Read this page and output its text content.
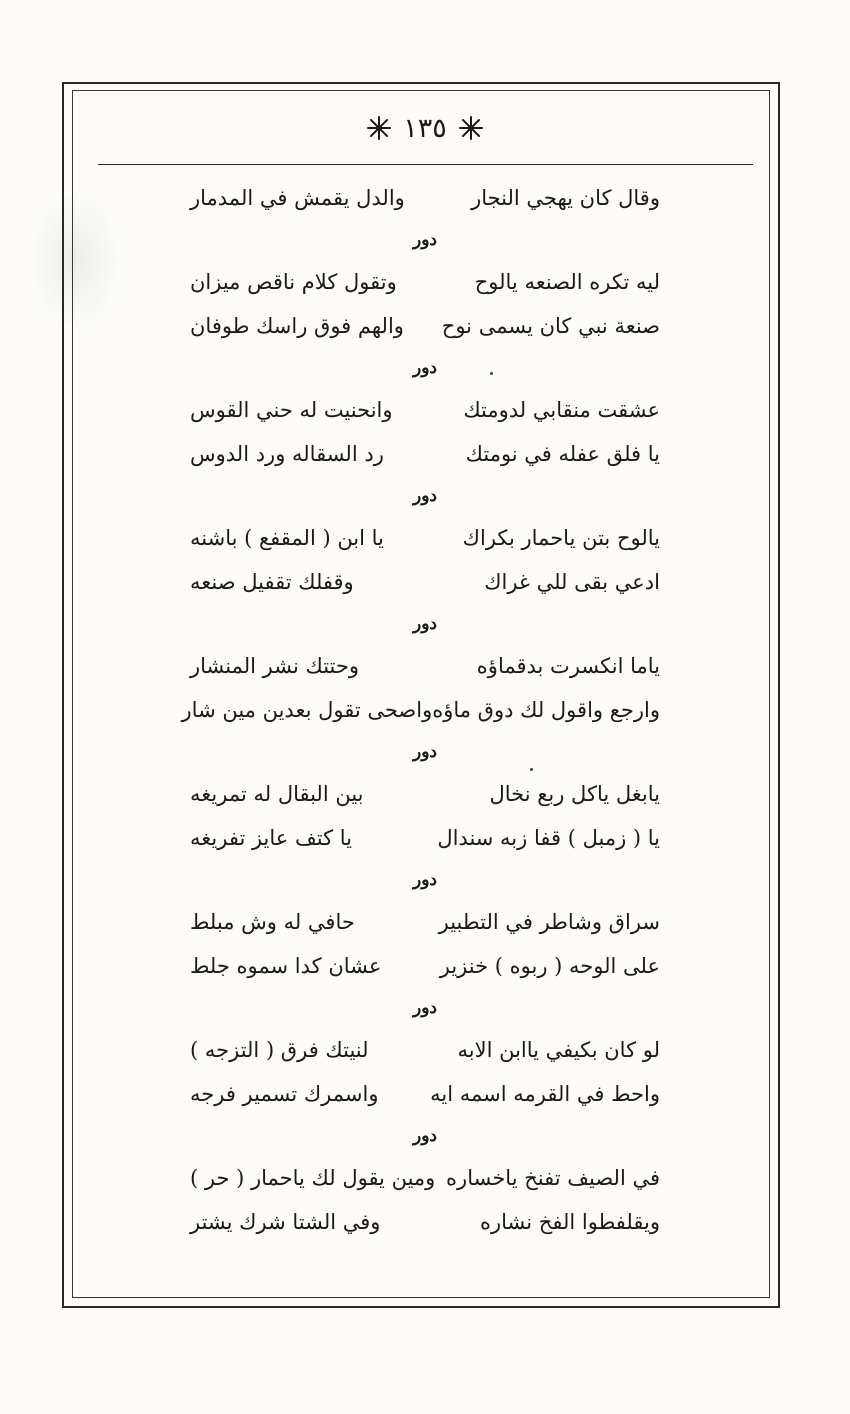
١٣٥
وقال كان يهجي النجار
والدل يقمش في المدمار
دور
ليه تكره الصنعه يالوح
وتقول كلام ناقص ميزان
صنعة نبي كان يسمى نوح
والهم فوق راسك طوفان
دور
عشقت منقابي لدومتك
وانحنيت له حني القوس
يا فلق عفله في نومتك
رد السقاله ورد الدوس
دور
يالوح بتن ياحمار بكراك
يا ابن ( المقفع ) باشنه
ادعي بقى للي غراك
وقفلك تقفيل صنعه
دور
ياما انكسرت بدقماؤه
وحتتك نشر المنشار
وارجع واقول لك دوق ماؤه
واصحى تقول بعدين مين شار
دور
يابغل ياكل ربع نخال
بين البقال له تمريغه
يا ( زمبل ) قفا زبه سندال
يا كتف عايز تفريغه
دور
سراق وشاطر في التطبير
حافي له وش مبلط
على الوحه ( ربوه ) خنزير
عشان كدا سموه جلط
دور
لو كان بكيفي ياابن الابه
لنيتك فرق ( التزجه )
واحط في القرمه اسمه ايه
واسمرك تسمير فرجه
دور
في الصيف تفنخ ياخساره
ومين يقول لك ياحمار ( حر )
ويقلفطوا الفخ نشاره
وفي الشتا شرك يشتر
